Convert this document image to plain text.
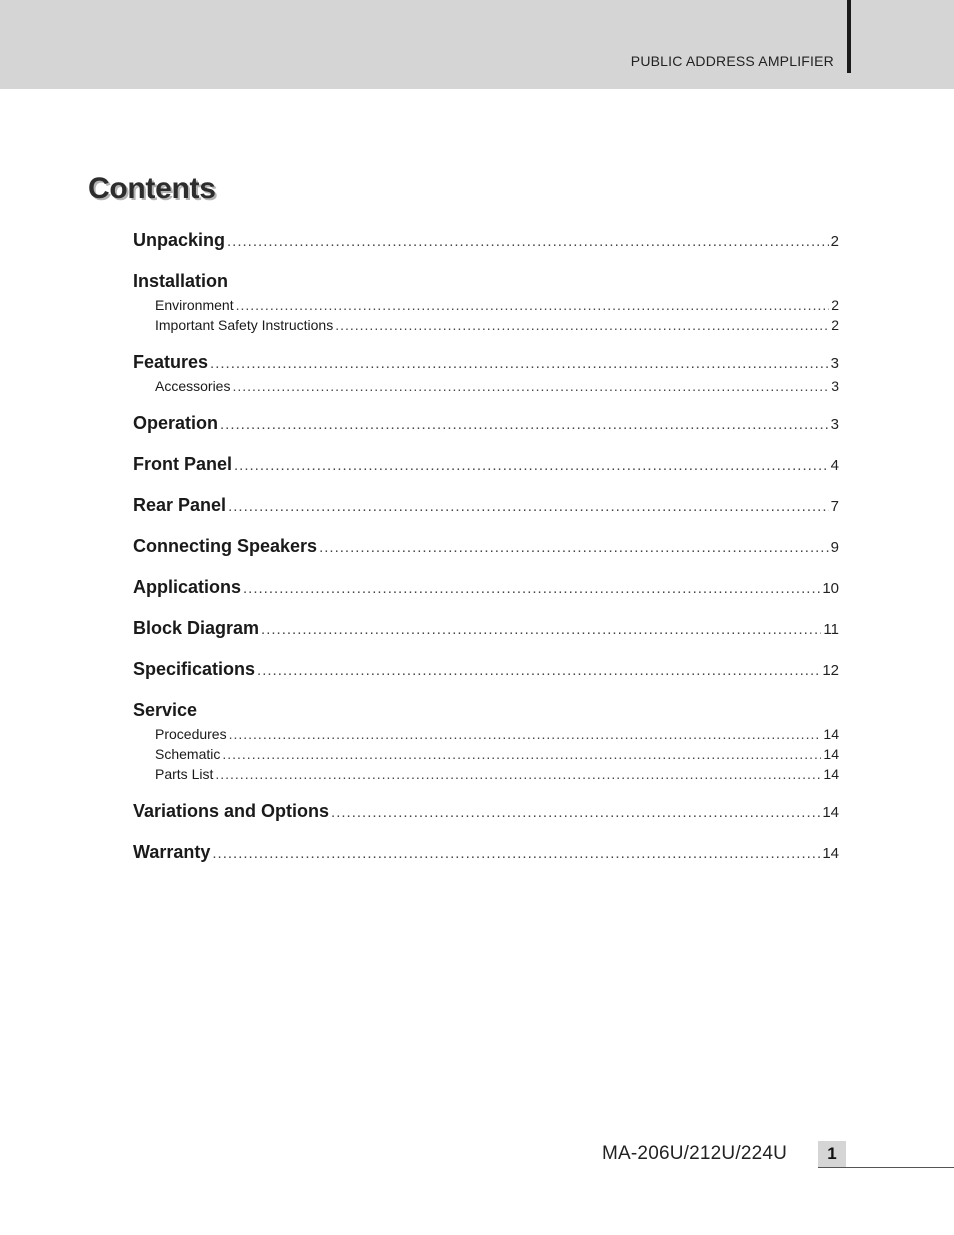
PUBLIC ADDRESS AMPLIFIER
Contents
Unpacking .....	2
Installation
Environment .....	2
Important Safety Instructions .....	2
Features .....	3
Accessories .....	3
Operation .....	3
Front Panel .....	4
Rear Panel .....	7
Connecting Speakers .....	9
Applications .....	10
Block Diagram .....	11
Specifications .....	12
Service
Procedures .....	14
Schematic .....	14
Parts List .....	14
Variations and Options .....	14
Warranty .....	14
MA-206U/212U/224U	1
